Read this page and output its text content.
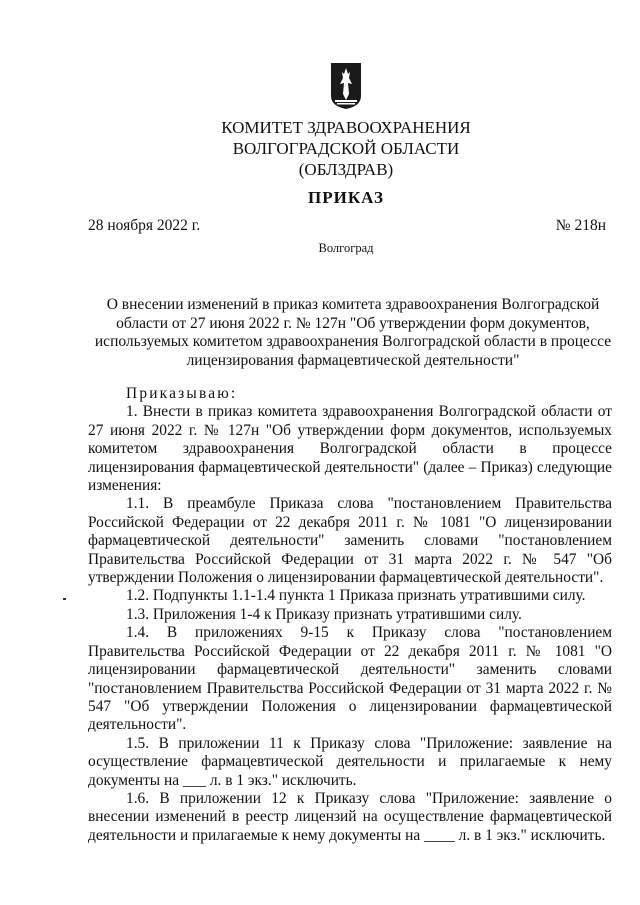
КОМИТЕТ ЗДРАВООХРАНЕНИЯ
ВОЛГОГРАДСКОЙ ОБЛАСТИ
(ОБЛЗДРАВ)
ПРИКАЗ
28 ноября 2022 г.	№ 218н
Волгоград
О внесении изменений в приказ комитета здравоохранения Волгоградской
области от 27 июня 2022 г. № 127н "Об утверждении форм документов,
используемых комитетом здравоохранения Волгоградской области в процессе
лицензирования фармацевтической деятельности"

Приказываю:

1. Внести в приказ комитета здравоохранения Волгоградской области от 27 июня 2022 г. № 127н "Об утверждении форм документов, используемых комитетом здравоохранения Волгоградской области в процессе лицензирования фармацевтической деятельности" (далее – Приказ) следующие изменения:

1.1. В преамбуле Приказа слова "постановлением Правительства Российской Федерации от 22 декабря 2011 г. № 1081 "О лицензировании фармацевтической деятельности" заменить словами "постановлением Правительства Российской Федерации от 31 марта 2022 г. № 547 "Об утверждении Положения о лицензировании фармацевтической деятельности".

1.2. Подпункты 1.1-1.4 пункта 1 Приказа признать утратившими силу.

1.3. Приложения 1-4 к Приказу признать утратившими силу.

1.4. В приложениях 9-15 к Приказу слова "постановлением Правительства Российской Федерации от 22 декабря 2011 г. № 1081 "О лицензировании фармацевтической деятельности" заменить словами "постановлением Правительства Российской Федерации от 31 марта 2022 г. № 547 "Об утверждении Положения о лицензировании фармацевтической деятельности".

1.5. В приложении 11 к Приказу слова "Приложение: заявление на осуществление фармацевтической деятельности и прилагаемые к нему документы на ___ л. в 1 экз." исключить.

1.6. В приложении 12 к Приказу слова "Приложение: заявление о внесении изменений в реестр лицензий на осуществление фармацевтической деятельности и прилагаемые к нему документы на ____ л. в 1 экз." исключить.
